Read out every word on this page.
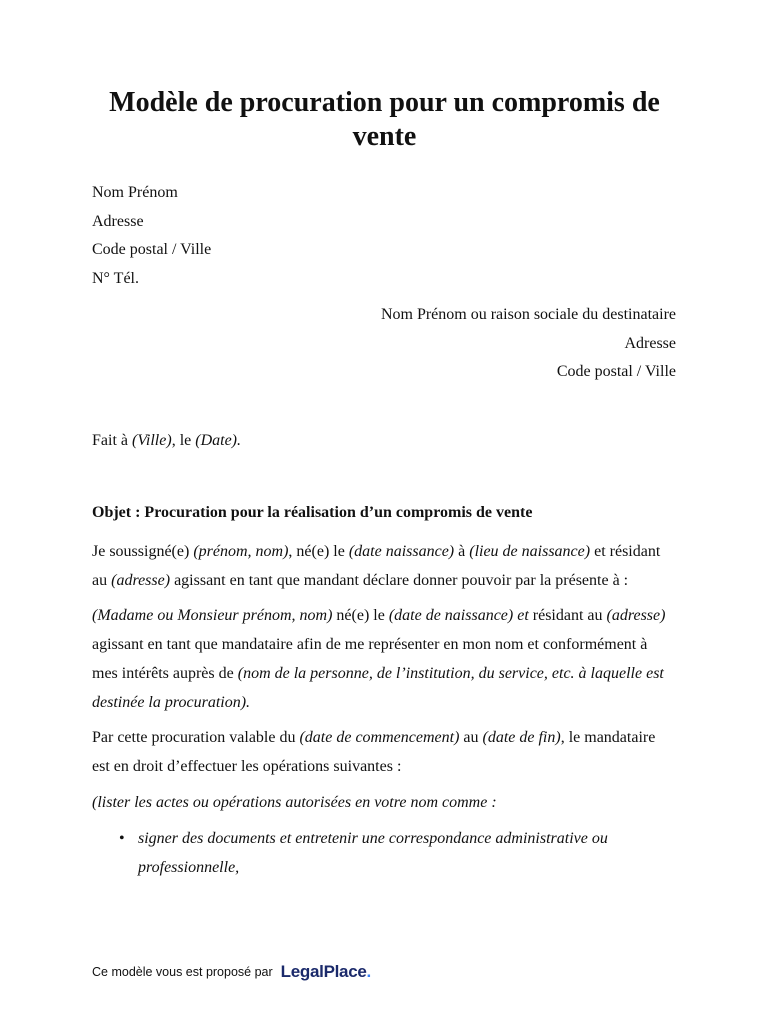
Modèle de procuration pour un compromis de vente
Nom Prénom
Adresse
Code postal / Ville
N° Tél.
Nom Prénom ou raison sociale du destinataire
Adresse
Code postal / Ville
Fait à (Ville), le (Date).
Objet : Procuration pour la réalisation d’un compromis de vente

Je soussigné(e) (prénom, nom), né(e) le (date naissance) à (lieu de naissance) et résidant au (adresse) agissant en tant que mandant déclare donner pouvoir par la présente à :

(Madame ou Monsieur prénom, nom) né(e) le (date de naissance) et résidant au (adresse) agissant en tant que mandataire afin de me représenter en mon nom et conformément à mes intérêts auprès de (nom de la personne, de l’institution, du service, etc. à laquelle est destinée la procuration).

Par cette procuration valable du (date de commencement) au (date de fin), le mandataire est en droit d’effectuer les opérations suivantes :

(lister les actes ou opérations autorisées en votre nom comme :

• signer des documents et entretenir une correspondance administrative ou professionnelle,
Ce modèle vous est proposé par LegalPlace.
